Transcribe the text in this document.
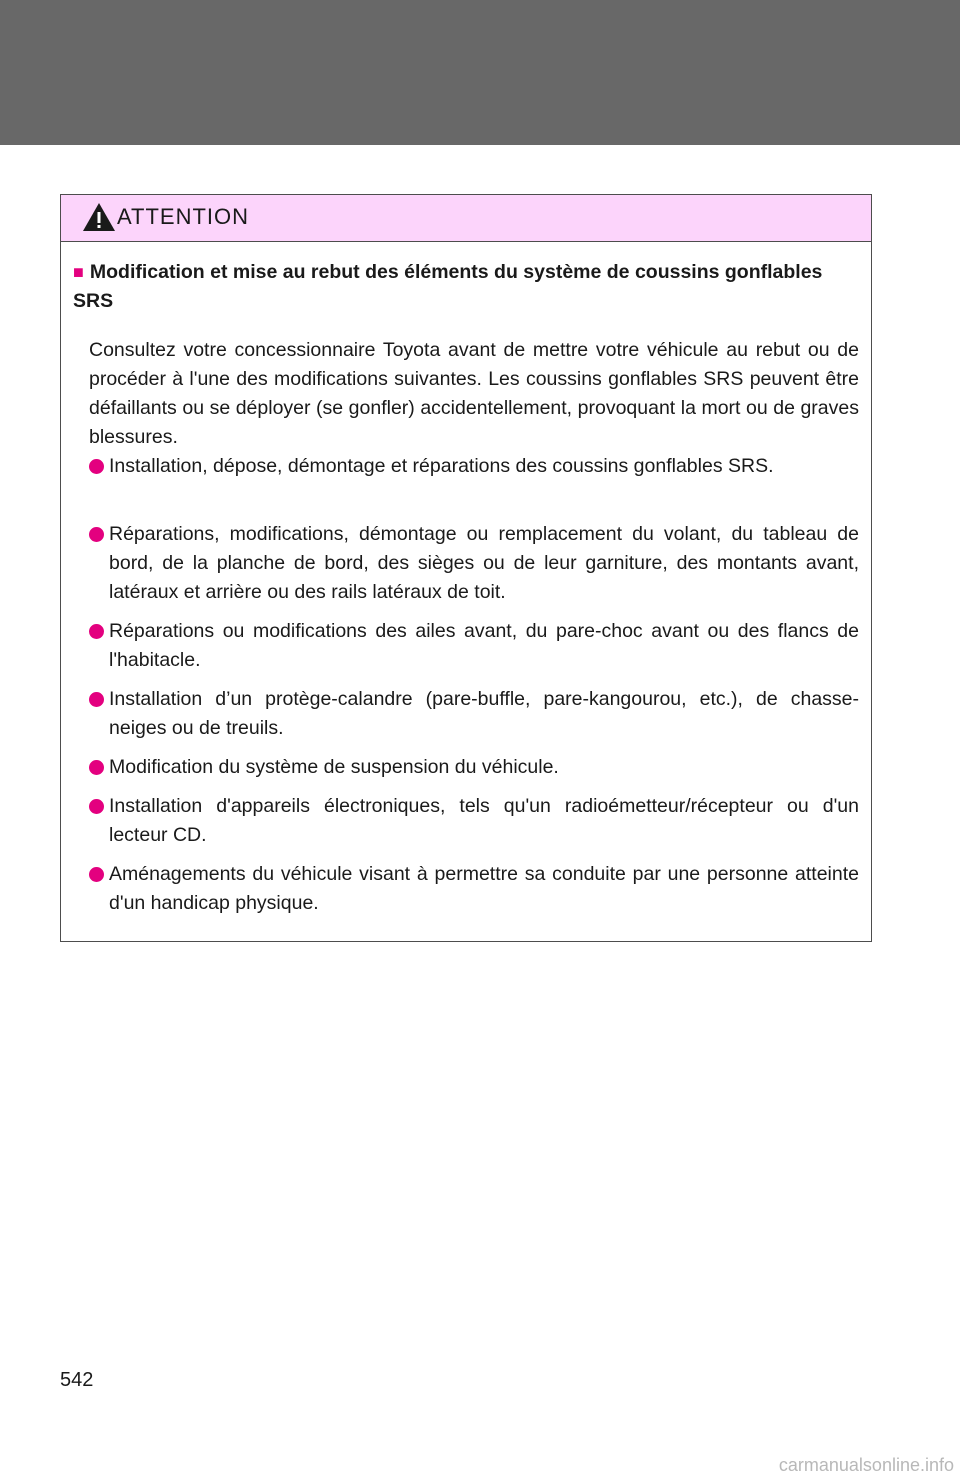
ATTENTION
■ Modification et mise au rebut des éléments du système de coussins gonflables SRS
Consultez votre concessionnaire Toyota avant de mettre votre véhicule au rebut ou de procéder à l'une des modifications suivantes. Les coussins gonflables SRS peuvent être défaillants ou se déployer (se gonfler) accidentellement, provoquant la mort ou de graves blessures.
Installation, dépose, démontage et réparations des coussins gonflables SRS.
Réparations, modifications, démontage ou remplacement du volant, du tableau de bord, de la planche de bord, des sièges ou de leur garniture, des montants avant, latéraux et arrière ou des rails latéraux de toit.
Réparations ou modifications des ailes avant, du pare-choc avant ou des flancs de l'habitacle.
Installation d’un protège-calandre (pare-buffle, pare-kangourou, etc.), de chasse-neiges ou de treuils.
Modification du système de suspension du véhicule.
Installation d'appareils électroniques, tels qu'un radioémetteur/récepteur ou d'un lecteur CD.
Aménagements du véhicule visant à permettre sa conduite par une personne atteinte d'un handicap physique.
542
carmanualsonline.info
